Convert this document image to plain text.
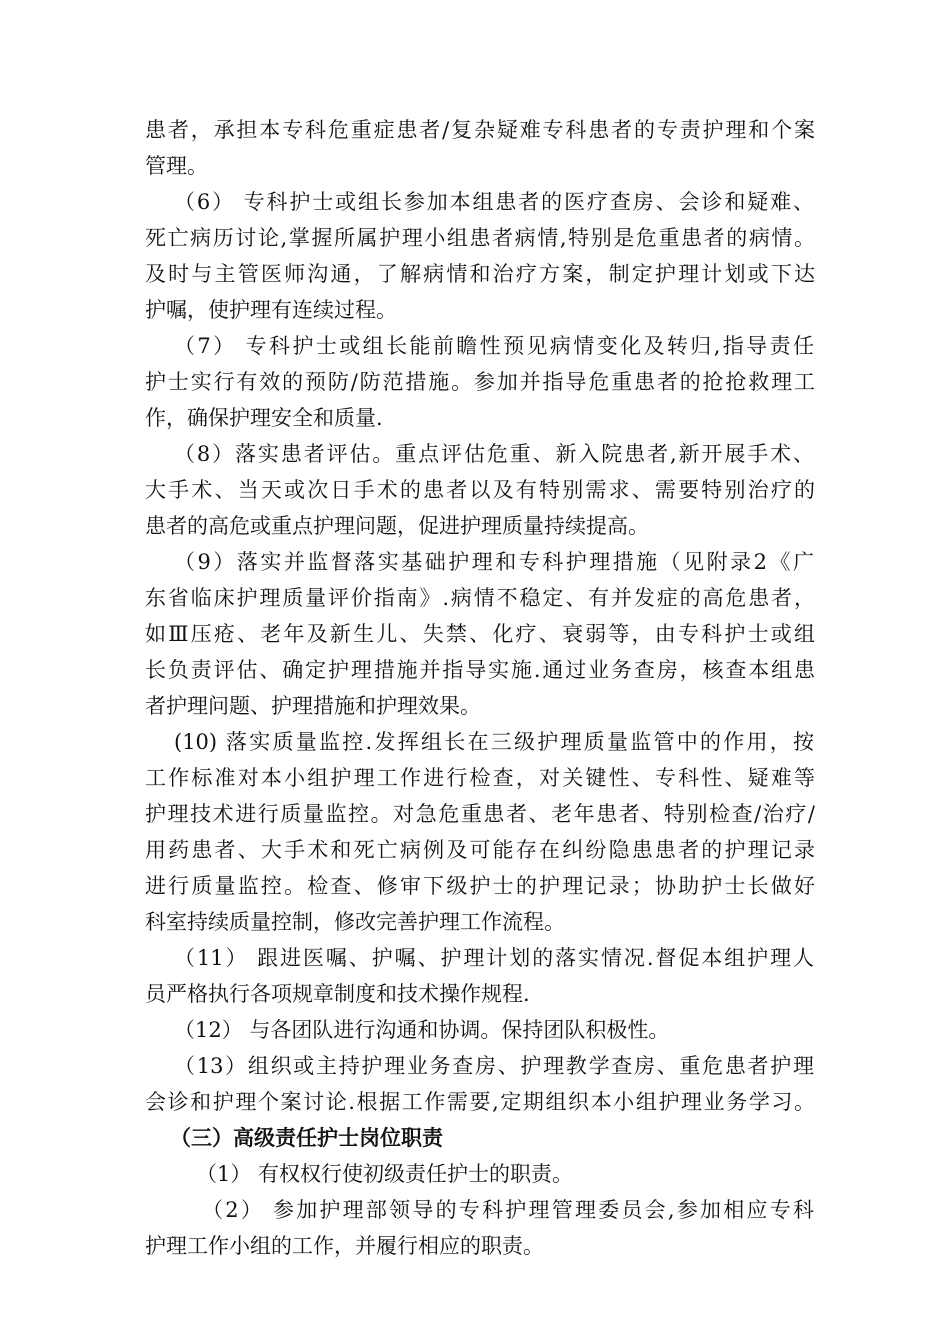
患者，承担本专科危重症患者/复杂疑难专科患者的专责护理和个案
管理。
（6） 专科护士或组长参加本组患者的医疗查房、会诊和疑难、
死亡病历讨论,掌握所属护理小组患者病情,特别是危重患者的病情。
及时与主管医师沟通，了解病情和治疗方案，制定护理计划或下达
护嘱，使护理有连续过程。
（7） 专科护士或组长能前瞻性预见病情变化及转归,指导责任
护士实行有效的预防/防范措施。参加并指导危重患者的抢抢救理工
作，确保护理安全和质量.
（8）落实患者评估。重点评估危重、新入院患者,新开展手术、
大手术、当天或次日手术的患者以及有特别需求、需要特别治疗的
患者的高危或重点护理问题，促进护理质量持续提高。
（9）落实并监督落实基础护理和专科护理措施（见附录2《广
东省临床护理质量评价指南》.病情不稳定、有并发症的高危患者，
如Ⅲ压疮、老年及新生儿、失禁、化疗、衰弱等，由专科护士或组
长负责评估、确定护理措施并指导实施.通过业务查房，核查本组患
者护理问题、护理措施和护理效果。
(10) 落实质量监控.发挥组长在三级护理质量监管中的作用，按
工作标准对本小组护理工作进行检查，对关键性、专科性、疑难等
护理技术进行质量监控。对急危重患者、老年患者、特别检查/治疗/
用药患者、大手术和死亡病例及可能存在纠纷隐患患者的护理记录
进行质量监控。检查、修审下级护士的护理记录；协助护士长做好
科室持续质量控制，修改完善护理工作流程。
（11） 跟进医嘱、护嘱、护理计划的落实情况.督促本组护理人
员严格执行各项规章制度和技术操作规程.
（12） 与各团队进行沟通和协调。保持团队积极性。
（13）组织或主持护理业务查房、护理教学查房、重危患者护理
会诊和护理个案讨论.根据工作需要,定期组织本小组护理业务学习。
（三）高级责任护士岗位职责
（1） 有权权行使初级责任护士的职责。
（2） 参加护理部领导的专科护理管理委员会,参加相应专科
护理工作小组的工作，并履行相应的职责。
